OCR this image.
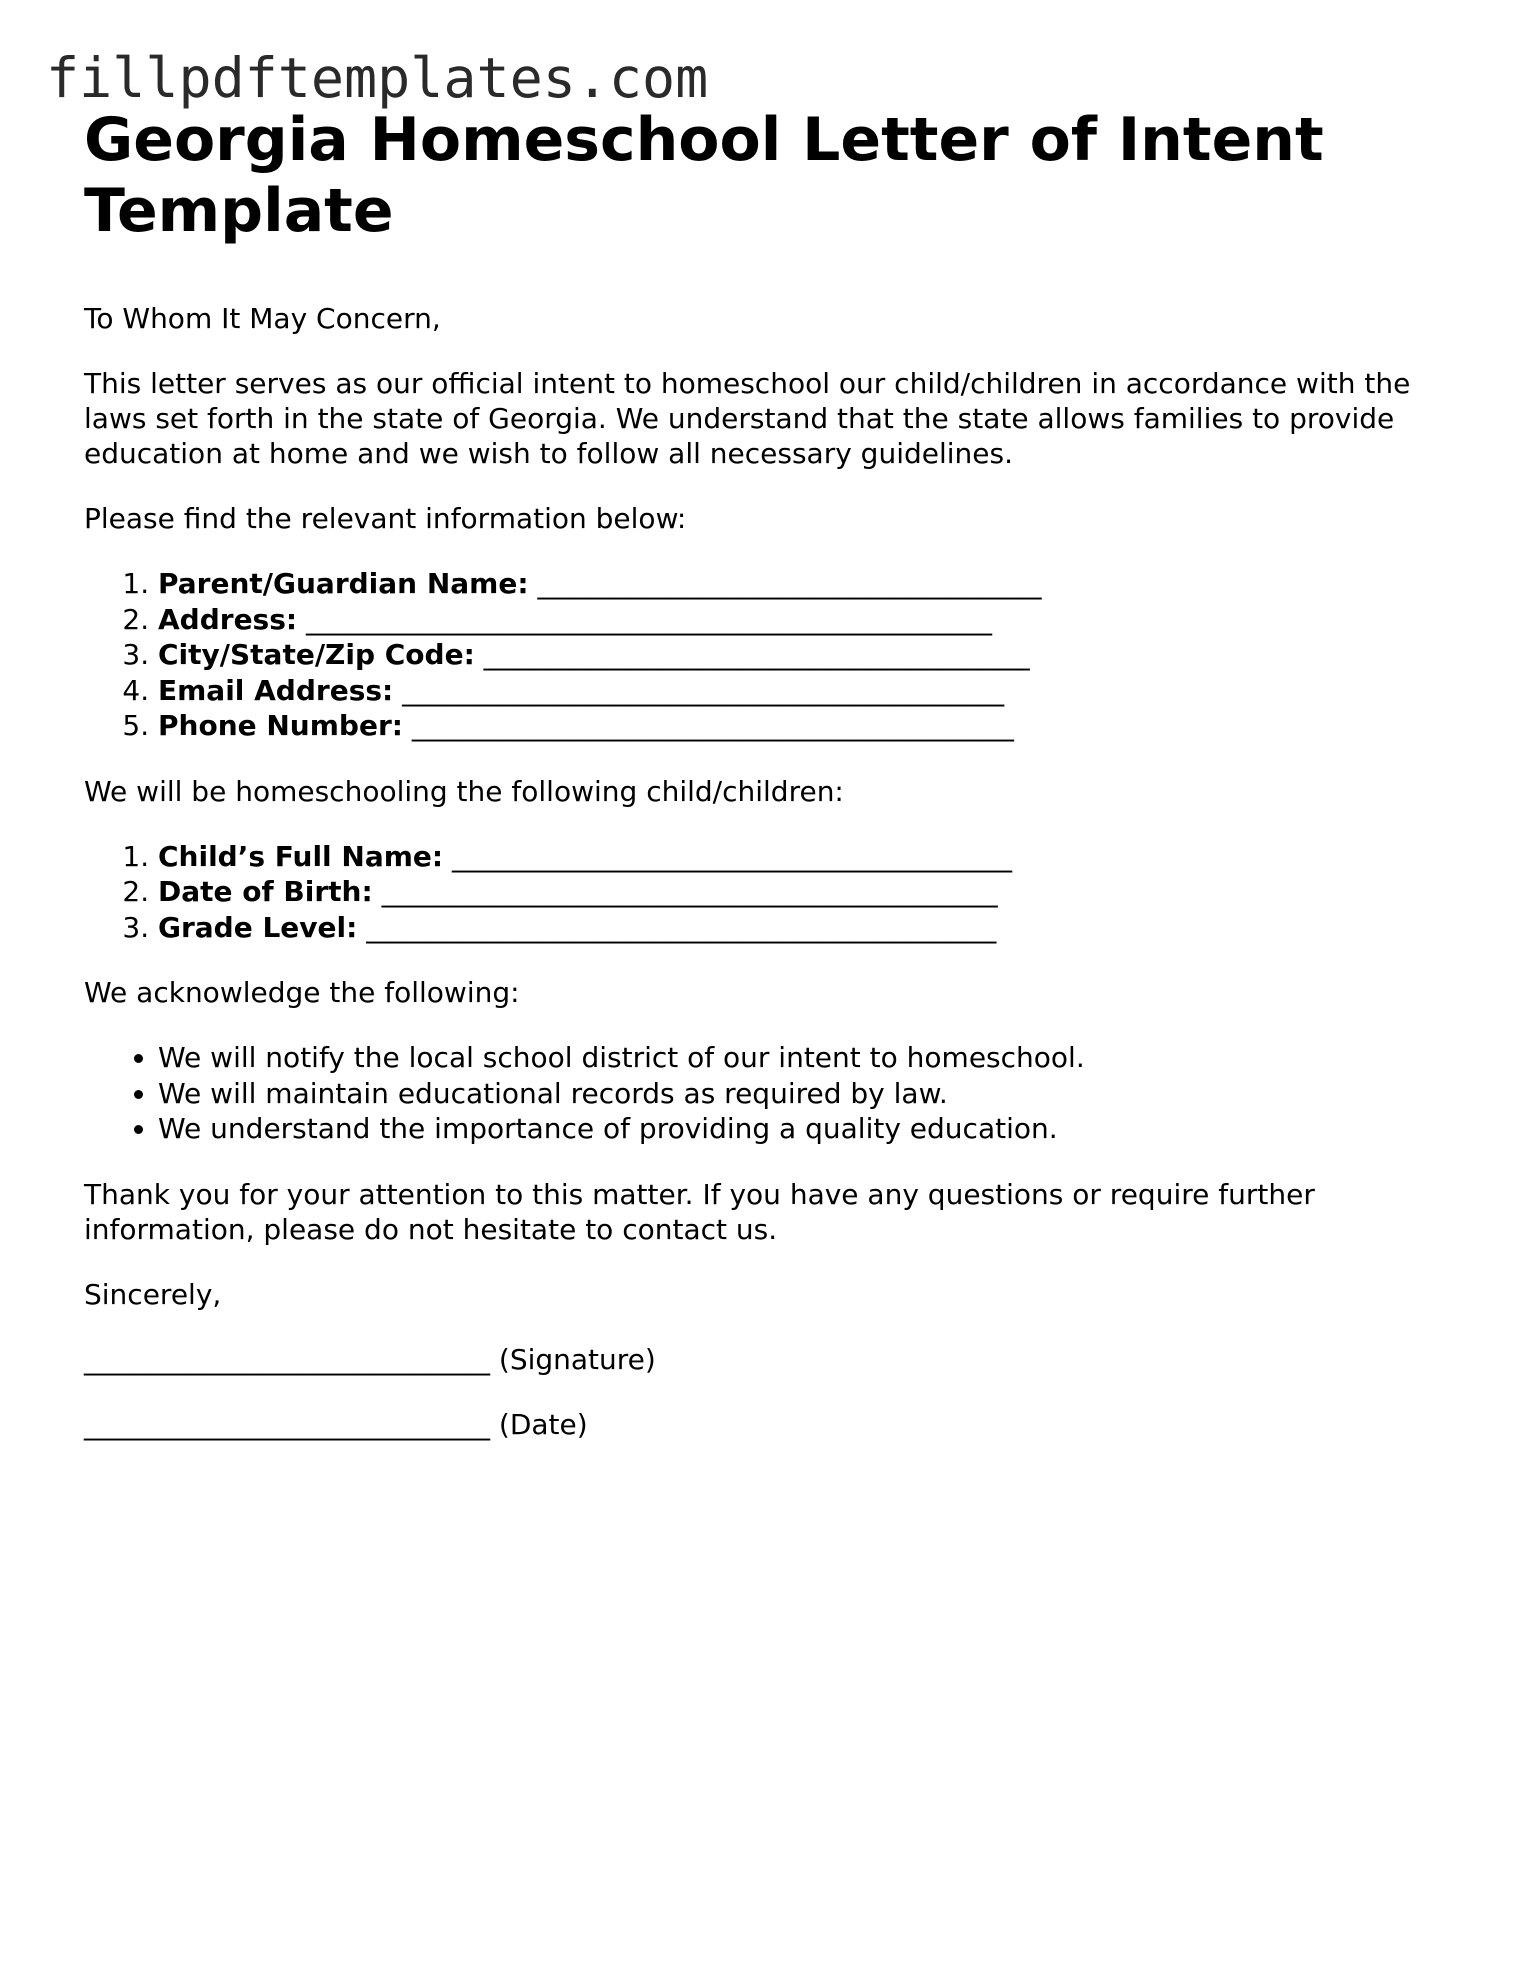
fillpdftemplates.com
Georgia Homeschool Letter of Intent Template

To Whom It May Concern,

This letter serves as our official intent to homeschool our child/children in accordance with the laws set forth in the state of Georgia. We understand that the state allows families to provide education at home and we wish to follow all necessary guidelines.

Please find the relevant information below:

1. Parent/Guardian Name: ____________________________________
2. Address: _________________________________________________
3. City/State/Zip Code: _______________________________________
4. Email Address: ___________________________________________
5. Phone Number: ___________________________________________

We will be homeschooling the following child/children:

1. Child’s Full Name: ________________________________________
2. Date of Birth: ____________________________________________
3. Grade Level: _____________________________________________

We acknowledge the following:

• We will notify the local school district of our intent to homeschool.
• We will maintain educational records as required by law.
• We understand the importance of providing a quality education.

Thank you for your attention to this matter. If you have any questions or require further information, please do not hesitate to contact us.

Sincerely,

_____________________________ (Signature)

_____________________________ (Date)
